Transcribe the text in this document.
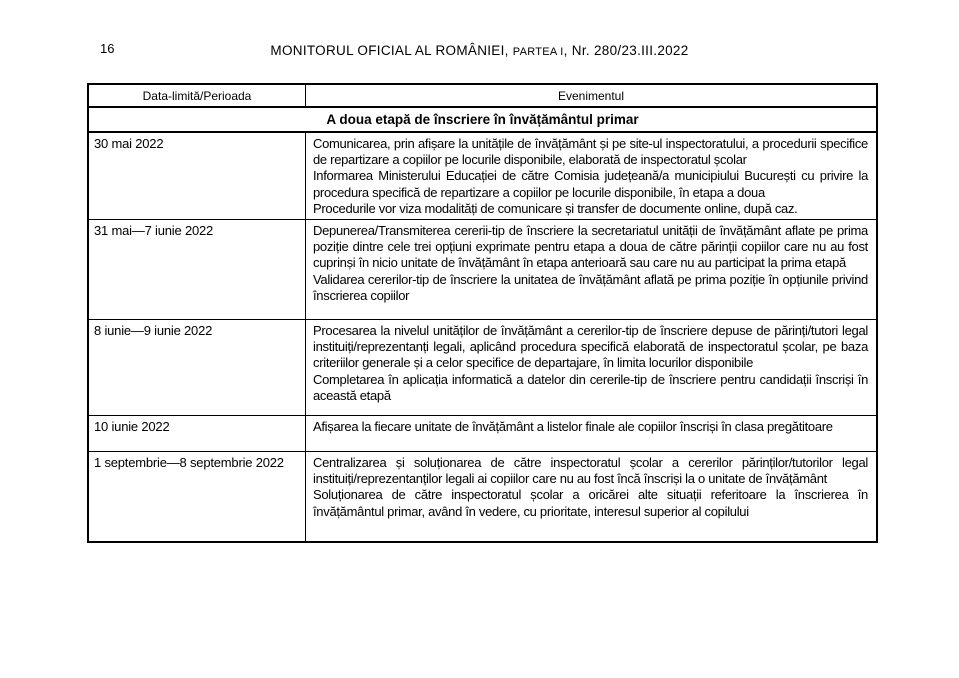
16	MONITORUL OFICIAL AL ROMÂNIEI, PARTEA I, Nr. 280/23.III.2022
Data-limită/Perioada	Evenimentul
A doua etapă de înscriere în învățământul primar	
30 mai 2022	Comunicarea, prin afișare la unitățile de învățământ și pe site-ul inspectoratului, a procedurii specifice de repartizare a copiilor pe locurile disponibile, elaborată de inspectoratul școlar

Informarea Ministerului Educației de către Comisia județeană/a municipiului București cu privire la procedura specifică de repartizare a copiilor pe locurile disponibile, în etapa a doua

Procedurile vor viza modalități de comunicare și transfer de documente online, după caz.

31 mai—7 iunie 2022	Depunerea/Transmiterea cererii-tip de înscriere la secretariatul unității de învățământ aflate pe prima poziție dintre cele trei opțiuni exprimate pentru etapa a doua de către părinții copiilor care nu au fost cuprinși în nicio unitate de învățământ în etapa anterioară sau care nu au participat la prima etapă

Validarea cererilor-tip de înscriere la unitatea de învățământ aflată pe prima poziție în opțiunile privind înscrierea copiilor

8 iunie—9 iunie 2022	Procesarea la nivelul unităților de învățământ a cererilor-tip de înscriere depuse de părinți/tutori legal instituiți/reprezentanți legali, aplicând procedura specifică elaborată de inspectoratul școlar, pe baza criteriilor generale și a celor specifice de departajare, în limita locurilor disponibile

Completarea în aplicația informatică a datelor din cererile-tip de înscriere pentru candidații înscriși în această etapă

10 iunie 2022	Afișarea la fiecare unitate de învățământ a listelor finale ale copiilor înscriși în clasa pregătitoare

1 septembrie—8 septembrie 2022	Centralizarea și soluționarea de către inspectoratul școlar a cererilor părinților/tutorilor legal instituiți/reprezentanților legali ai copiilor care nu au fost încă înscriși la o unitate de învățământ

Soluționarea de către inspectoratul școlar a oricărei alte situații referitoare la înscrierea în învățământul primar, având în vedere, cu prioritate, interesul superior al copilului
